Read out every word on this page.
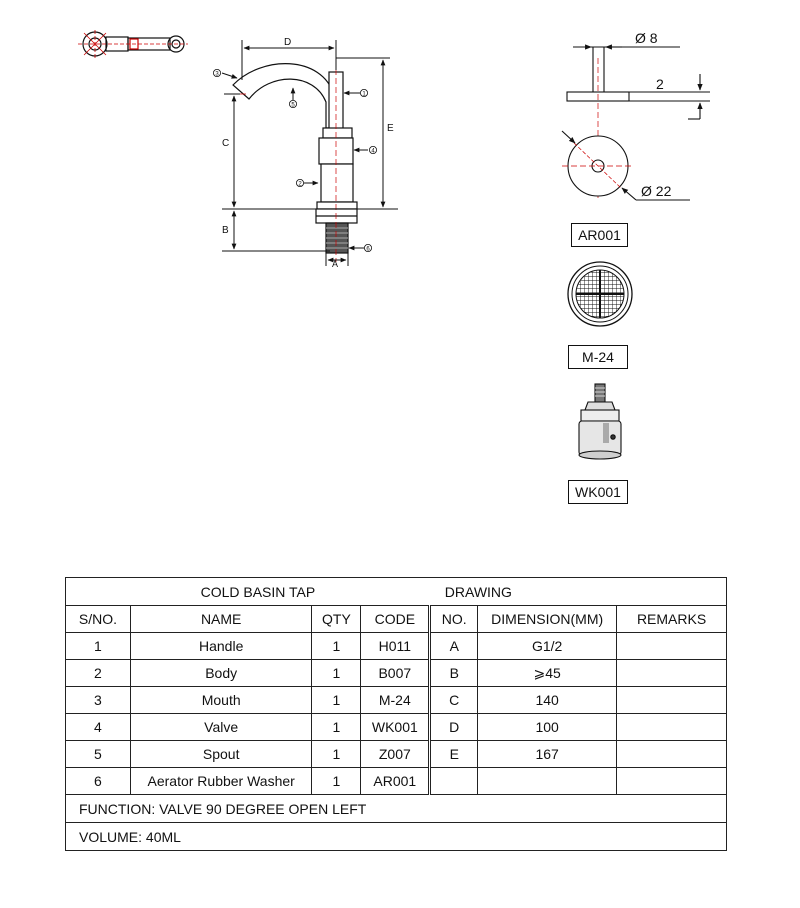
D
E
C
B
A
1
2
3
4
5
6
Ø 8
2
Ø 22
AR001
M-24
WK001
COLD BASIN TAP				DRAWING		
S/NO.	NAME	QTY	CODE	NO.	DIMENSION(MM)	REMARKS
1	Handle	1	H011	A	G1/2	
2	Body	1	B007	B	⩾45	
3	Mouth	1	M-24	C	140	
4	Valve	1	WK001	D	100	
5	Spout	1	Z007	E	167	
6	Aerator Rubber Washer	1	AR001			
FUNCTION: VALVE 90 DEGREE OPEN LEFT						
VOLUME: 40ML						
